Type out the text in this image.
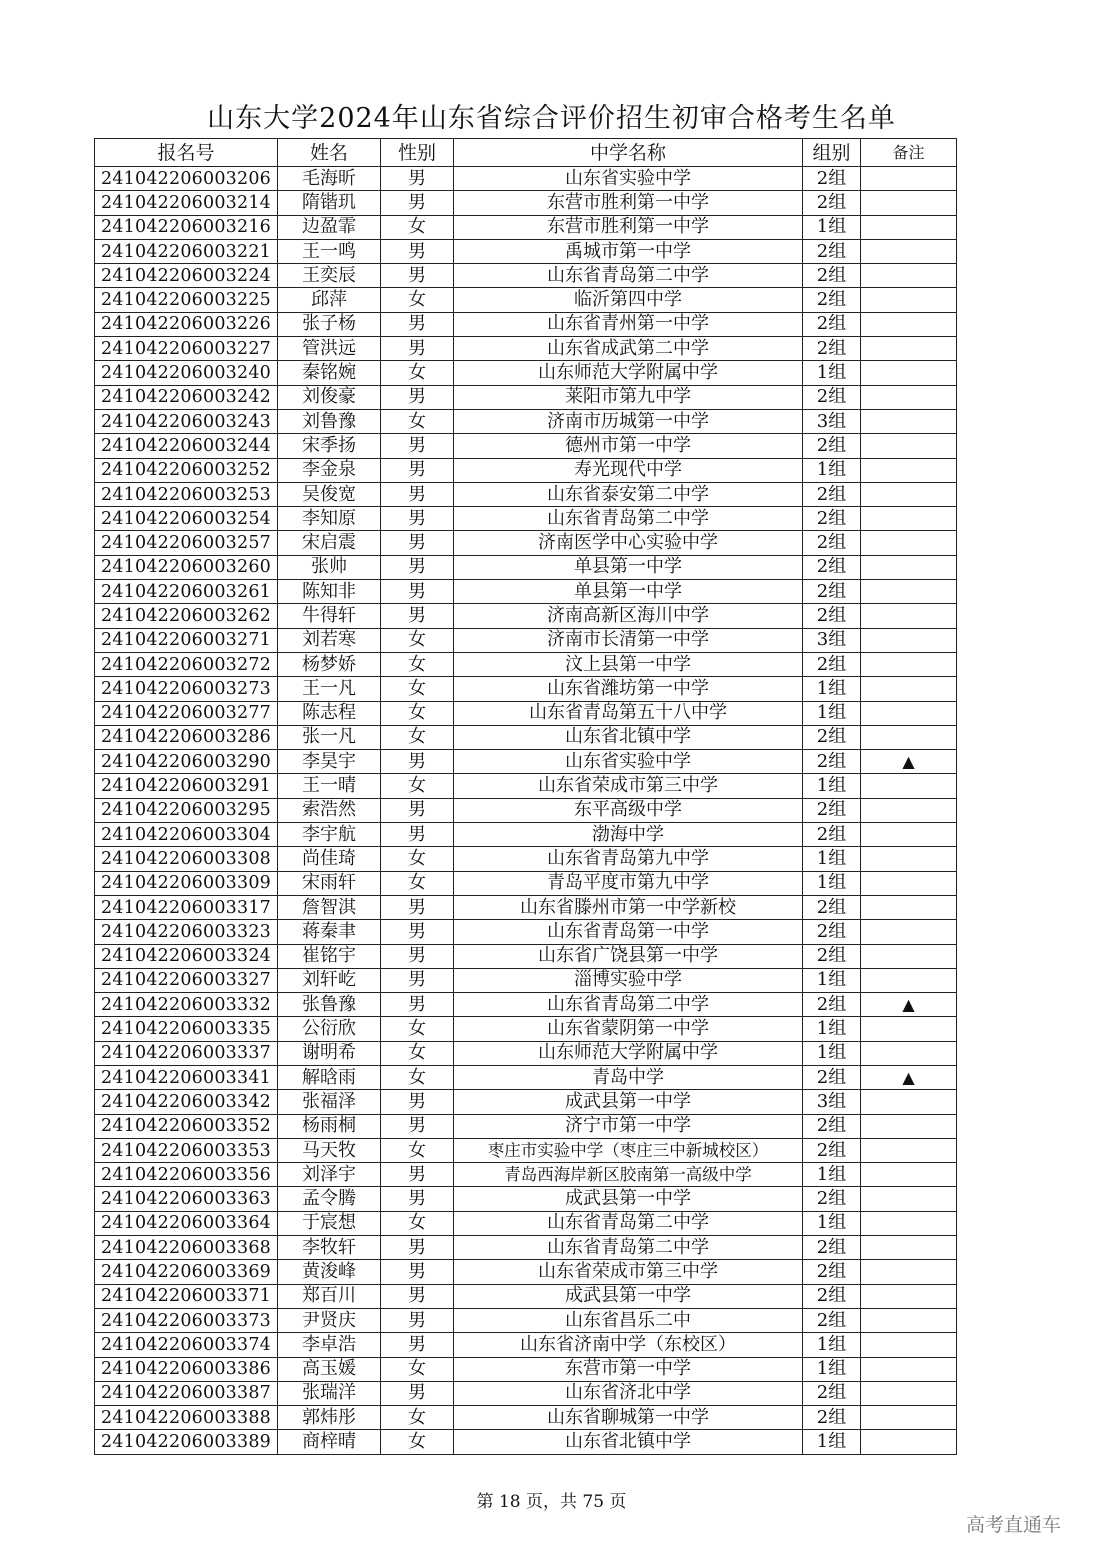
山东大学2024年山东省综合评价招生初审合格考生名单
报名号	姓名	性别	中学名称	组别	备注
241042206003206	毛海昕	男	山东省实验中学	2组	
241042206003214	隋锴玑	男	东营市胜利第一中学	2组	
241042206003216	边盈霏	女	东营市胜利第一中学	1组	
241042206003221	王一鸣	男	禹城市第一中学	2组	
241042206003224	王奕辰	男	山东省青岛第二中学	2组	
241042206003225	邱萍	女	临沂第四中学	2组	
241042206003226	张子杨	男	山东省青州第一中学	2组	
241042206003227	管洪远	男	山东省成武第二中学	2组	
241042206003240	秦铭婉	女	山东师范大学附属中学	1组	
241042206003242	刘俊豪	男	莱阳市第九中学	2组	
241042206003243	刘鲁豫	女	济南市历城第一中学	3组	
241042206003244	宋季扬	男	德州市第一中学	2组	
241042206003252	李金泉	男	寿光现代中学	1组	
241042206003253	吴俊宽	男	山东省泰安第二中学	2组	
241042206003254	李知原	男	山东省青岛第二中学	2组	
241042206003257	宋启震	男	济南医学中心实验中学	2组	
241042206003260	张帅	男	单县第一中学	2组	
241042206003261	陈知非	男	单县第一中学	2组	
241042206003262	牛得轩	男	济南高新区海川中学	2组	
241042206003271	刘若寒	女	济南市长清第一中学	3组	
241042206003272	杨梦娇	女	汶上县第一中学	2组	
241042206003273	王一凡	女	山东省潍坊第一中学	1组	
241042206003277	陈志程	女	山东省青岛第五十八中学	1组	
241042206003286	张一凡	女	山东省北镇中学	2组	
241042206003290	李昊宇	男	山东省实验中学	2组	▲
241042206003291	王一晴	女	山东省荣成市第三中学	1组	
241042206003295	索浩然	男	东平高级中学	2组	
241042206003304	李宇航	男	渤海中学	2组	
241042206003308	尚佳琦	女	山东省青岛第九中学	1组	
241042206003309	宋雨轩	女	青岛平度市第九中学	1组	
241042206003317	詹智淇	男	山东省滕州市第一中学新校	2组	
241042206003323	蒋秦聿	男	山东省青岛第一中学	2组	
241042206003324	崔铭宇	男	山东省广饶县第一中学	2组	
241042206003327	刘轩屹	男	淄博实验中学	1组	
241042206003332	张鲁豫	男	山东省青岛第二中学	2组	▲
241042206003335	公衍欣	女	山东省蒙阴第一中学	1组	
241042206003337	谢明希	女	山东师范大学附属中学	1组	
241042206003341	解晗雨	女	青岛中学	2组	▲
241042206003342	张福泽	男	成武县第一中学	3组	
241042206003352	杨雨桐	男	济宁市第一中学	2组	
241042206003353	马天牧	女	枣庄市实验中学（枣庄三中新城校区）	2组	
241042206003356	刘泽宇	男	青岛西海岸新区胶南第一高级中学	1组	
241042206003363	孟令腾	男	成武县第一中学	2组	
241042206003364	于宸想	女	山东省青岛第二中学	1组	
241042206003368	李牧轩	男	山东省青岛第二中学	2组	
241042206003369	黄浚峰	男	山东省荣成市第三中学	2组	
241042206003371	郑百川	男	成武县第一中学	2组	
241042206003373	尹贤庆	男	山东省昌乐二中	2组	
241042206003374	李卓浩	男	山东省济南中学（东校区）	1组	
241042206003386	高玉媛	女	东营市第一中学	1组	
241042206003387	张瑞洋	男	山东省济北中学	2组	
241042206003388	郭炜彤	女	山东省聊城第一中学	2组	
241042206003389	商梓晴	女	山东省北镇中学	1组	
第 18 页，共 75 页
高考直通车
